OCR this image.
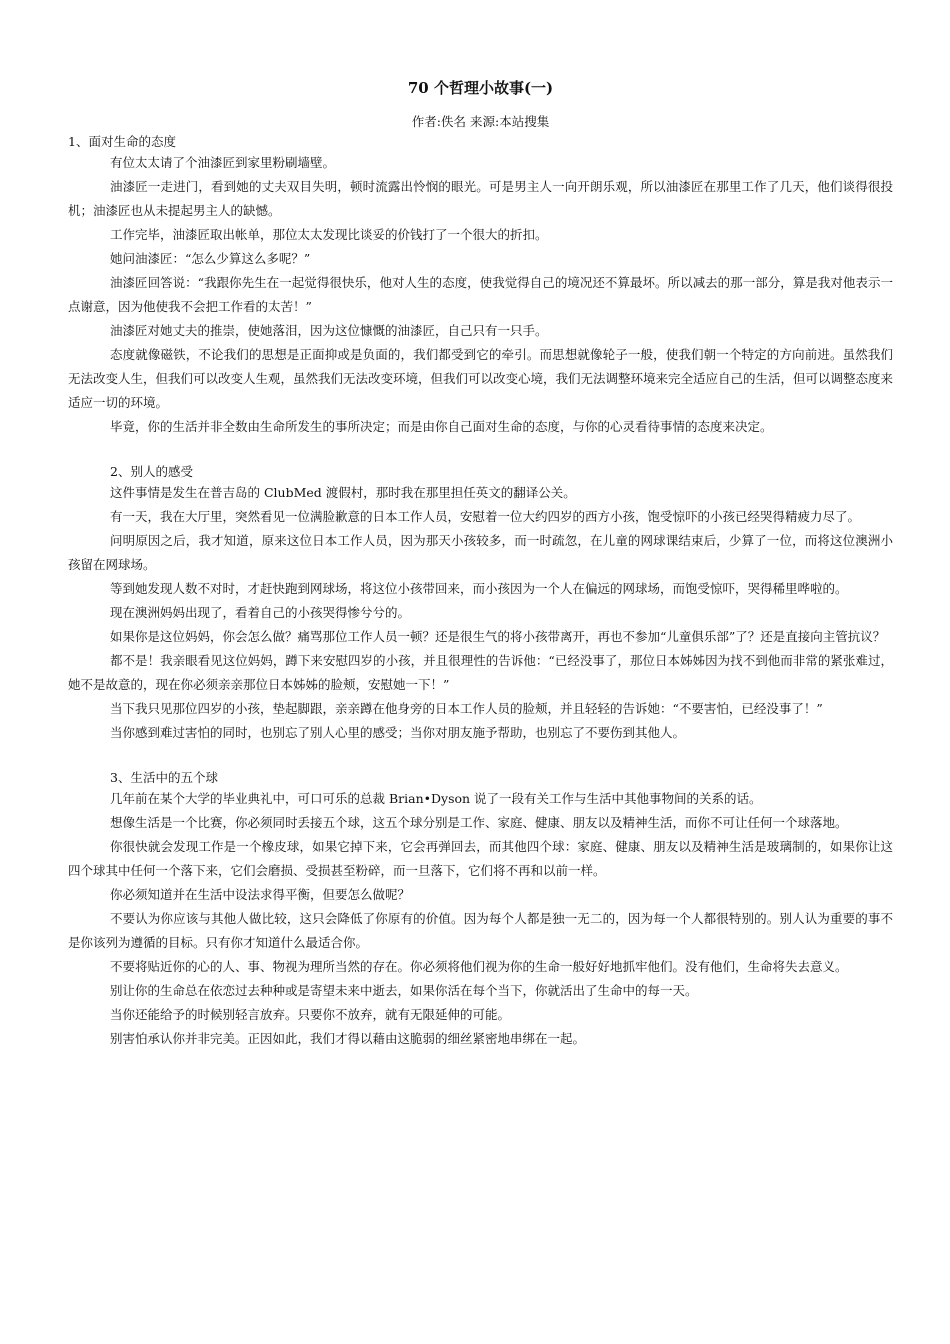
70 个哲理小故事(一)
作者:佚名 来源:本站搜集

1、面对生命的态度

有位太太请了个油漆匠到家里粉刷墙壁。

油漆匠一走进门，看到她的丈夫双目失明，顿时流露出怜悯的眼光。可是男主人一向开朗乐观，所以油漆匠在那里工作了几天，他们谈得很投机；油漆匠也从未提起男主人的缺憾。

工作完毕，油漆匠取出帐单，那位太太发现比谈妥的价钱打了一个很大的折扣。

她问油漆匠：“怎么少算这么多呢？”

油漆匠回答说：“我跟你先生在一起觉得很快乐，他对人生的态度，使我觉得自己的境况还不算最坏。所以减去的那一部分，算是我对他表示一点谢意，因为他使我不会把工作看的太苦！”

油漆匠对她丈夫的推崇，使她落泪，因为这位慷慨的油漆匠，自己只有一只手。

态度就像磁铁，不论我们的思想是正面抑或是负面的，我们都受到它的牵引。而思想就像轮子一般，使我们朝一个特定的方向前进。虽然我们无法改变人生，但我们可以改变人生观，虽然我们无法改变环境，但我们可以改变心境，我们无法调整环境来完全适应自己的生活，但可以调整态度来适应一切的环境。

毕竟，你的生活并非全数由生命所发生的事所决定；而是由你自己面对生命的态度，与你的心灵看待事情的态度来决定。

2、别人的感受

这件事情是发生在普吉岛的 ClubMed 渡假村，那时我在那里担任英文的翻译公关。

有一天，我在大厅里，突然看见一位满脸歉意的日本工作人员，安慰着一位大约四岁的西方小孩，饱受惊吓的小孩已经哭得精疲力尽了。

问明原因之后，我才知道，原来这位日本工作人员，因为那天小孩较多，而一时疏忽，在儿童的网球课结束后，少算了一位，而将这位澳洲小孩留在网球场。

等到她发现人数不对时，才赶快跑到网球场，将这位小孩带回来，而小孩因为一个人在偏远的网球场，而饱受惊吓，哭得稀里哗啦的。

现在澳洲妈妈出现了，看着自己的小孩哭得惨兮兮的。

如果你是这位妈妈，你会怎么做？痛骂那位工作人员一顿？还是很生气的将小孩带离开，再也不参加“儿童俱乐部”了？还是直接向主管抗议？

都不是！我亲眼看见这位妈妈，蹲下来安慰四岁的小孩，并且很理性的告诉他：“已经没事了，那位日本姊姊因为找不到他而非常的紧张难过，她不是故意的，现在你必须亲亲那位日本姊姊的脸颊，安慰她一下！”

当下我只见那位四岁的小孩，垫起脚跟，亲亲蹲在他身旁的日本工作人员的脸颊，并且轻轻的告诉她：“不要害怕，已经没事了！”

当你感到难过害怕的同时，也别忘了别人心里的感受；当你对朋友施予帮助，也别忘了不要伤到其他人。

3、生活中的五个球

几年前在某个大学的毕业典礼中，可口可乐的总裁 Brian•Dyson 说了一段有关工作与生活中其他事物间的关系的话。

想像生活是一个比赛，你必须同时丢接五个球，这五个球分别是工作、家庭、健康、朋友以及精神生活，而你不可让任何一个球落地。

你很快就会发现工作是一个橡皮球，如果它掉下来，它会再弹回去，而其他四个球：家庭、健康、朋友以及精神生活是玻璃制的，如果你让这四个球其中任何一个落下来，它们会磨损、受损甚至粉碎，而一旦落下，它们将不再和以前一样。

你必须知道并在生活中设法求得平衡，但要怎么做呢？

不要认为你应该与其他人做比较，这只会降低了你原有的价值。因为每个人都是独一无二的，因为每一个人都很特别的。别人认为重要的事不是你该列为遵循的目标。只有你才知道什么最适合你。

不要将贴近你的心的人、事、物视为理所当然的存在。你必须将他们视为你的生命一般好好地抓牢他们。没有他们，生命将失去意义。

别让你的生命总在依恋过去种种或是寄望未来中逝去，如果你活在每个当下，你就活出了生命中的每一天。

当你还能给予的时候别轻言放弃。只要你不放弃，就有无限延伸的可能。

别害怕承认你并非完美。正因如此，我们才得以藉由这脆弱的细丝紧密地串绑在一起。
